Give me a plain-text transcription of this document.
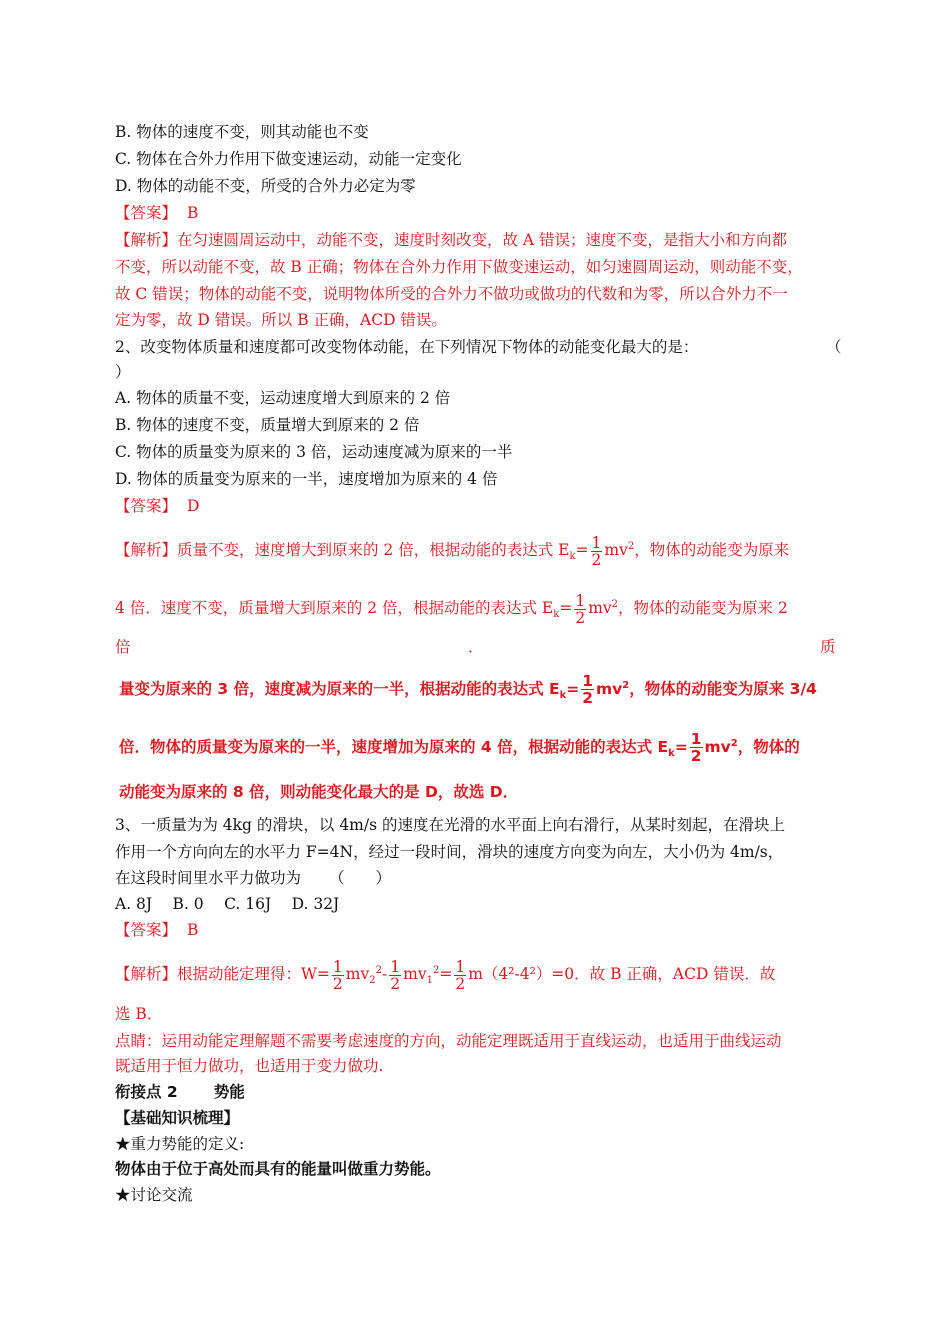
B. 物体的速度不变，则其动能也不变
C. 物体在合外力作用下做变速运动，动能一定变化
D. 物体的动能不变，所受的合外力必定为零
【答案】 B
【解析】在匀速圆周运动中，动能不变，速度时刻改变，故 A 错误；速度不变，是指大小和方向都
不变，所以动能不变，故 B 正确；物体在合外力作用下做变速运动，如匀速圆周运动，则动能不变，
故 C 错误；物体的动能不变，说明物体所受的合外力不做功或做功的代数和为零，所以合外力不一
定为零，故 D 错误。所以 B 正确，ACD 错误。
2、改变物体质量和速度都可改变物体动能，在下列情况下物体的动能变化最大的是：	（
）
A. 物体的质量不变，运动速度增大到原来的 2 倍
B. 物体的速度不变，质量增大到原来的 2 倍
C. 物体的质量变为原来的 3 倍，运动速度减为原来的一半
D. 物体的质量变为原来的一半，速度增加为原来的 4 倍
【答案】 D
【解析】质量不变，速度增大到原来的 2 倍，根据动能的表达式 $E_k= \frac{1}{2} mv^2$，物体的动能变为原来
4 倍．速度不变，质量增大到原来的 2 倍，根据动能的表达式 $E_k= \frac{1}{2} mv^2$，物体的动能变为原来 2
倍	．	质
量变为原来的 3 倍，速度减为原来的一半，根据动能的表达式 $E_k= \frac{1}{2} mv^2$，物体的动能变为原来 3/4
倍．物体的质量变为原来的一半，速度增加为原来的 4 倍，根据动能的表达式 $E_k= \frac{1}{2} mv^2$，物体的
动能变为原来的 8 倍，则动能变化最大的是 D，故选 D．
3、一质量为为 4kg 的滑块，以 4m/s 的速度在光滑的水平面上向右滑行，从某时刻起，在滑块上
作用一个方向向左的水平力 F=4N，经过一段时间，滑块的速度方向变为向左，大小仍为 4m/s，
在这段时间里水平力做功为 （　　）
A. 8J　 B. 0　 C. 16J　 D. 32J
【答案】 B
【解析】根据动能定理得：$W= \frac{1}{2} mv_2^2- \frac{1}{2} mv_1^2= \frac{1}{2} m(4^2-4^2)=0$．故 B 正确，ACD 错误．故
选 B．
点睛：运用动能定理解题不需要考虑速度的方向，动能定理既适用于直线运动，也适用于曲线运动
既适用于恒力做功，也适用于变力做功.
衔接点 2 势能
【基础知识梳理】
★重力势能的定义:
物体由于位于高处而具有的能量叫做重力势能。
★讨论交流
